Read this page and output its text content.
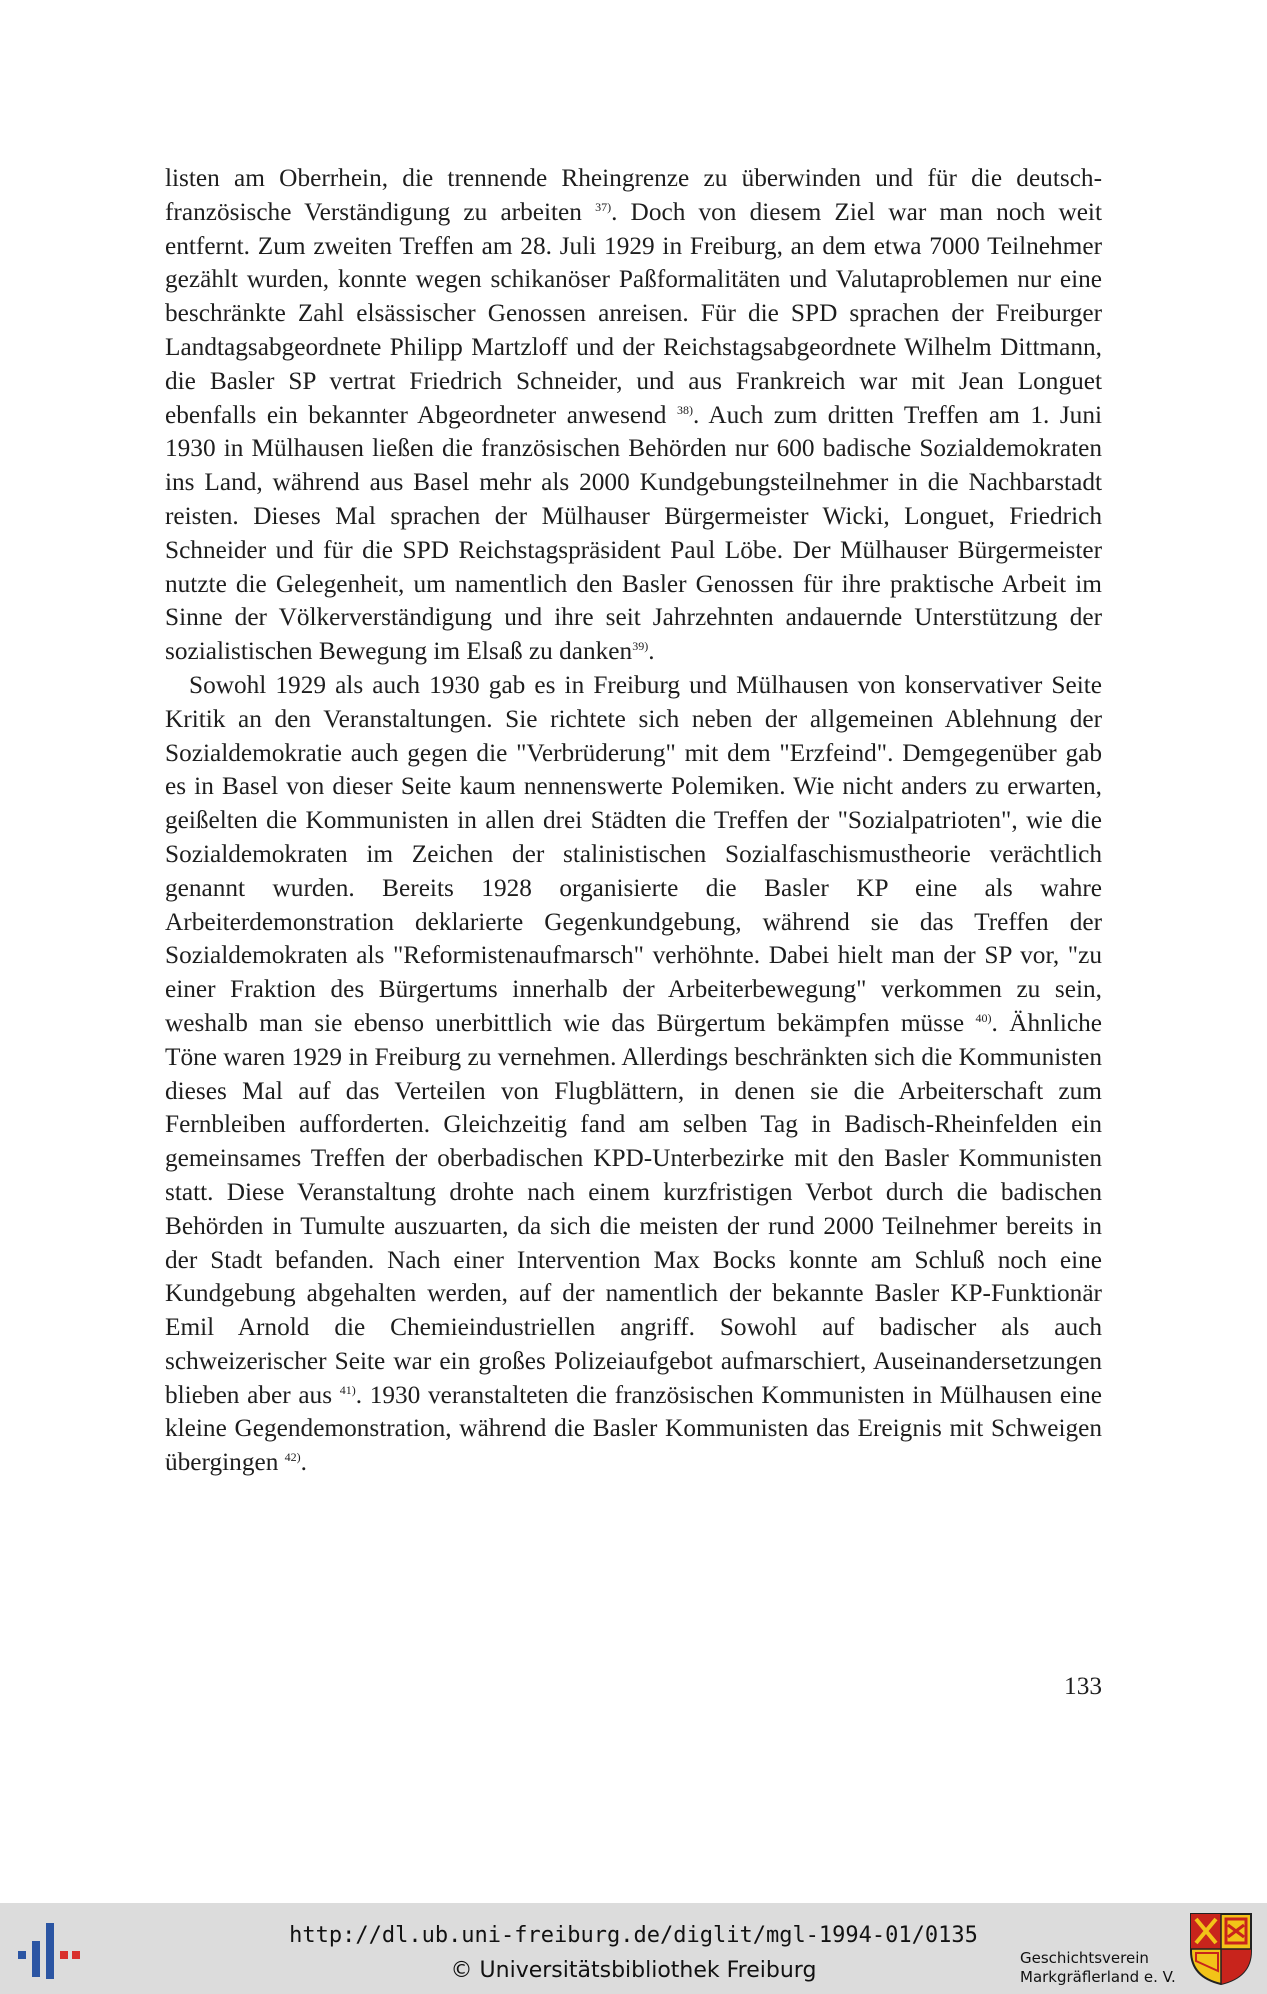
listen am Oberrhein, die trennende Rheingrenze zu überwinden und für die deutsch-französische Verständigung zu arbeiten $^{37)}$. Doch von diesem Ziel war man noch weit entfernt. Zum zweiten Treffen am 28. Juli 1929 in Freiburg, an dem etwa 7000 Teilnehmer gezählt wurden, konnte wegen schikanöser Paßformalitäten und Valutaproblemen nur eine beschränkte Zahl elsässischer Genossen anreisen. Für die SPD sprachen der Freiburger Landtagsabgeordnete Philipp Martzloff und der Reichstagsabgeordnete Wilhelm Dittmann, die Basler SP vertrat Friedrich Schneider, und aus Frankreich war mit Jean Longuet ebenfalls ein bekannter Abgeordneter anwesend $^{38)}$. Auch zum dritten Treffen am 1. Juni 1930 in Mülhausen ließen die französischen Behörden nur 600 badische Sozialdemokraten ins Land, während aus Basel mehr als 2000 Kundgebungsteilnehmer in die Nachbarstadt reisten. Dieses Mal sprachen der Mülhauser Bürgermeister Wicki, Longuet, Friedrich Schneider und für die SPD Reichstagspräsident Paul Löbe. Der Mülhauser Bürgermeister nutzte die Gelegenheit, um namentlich den Basler Genossen für ihre praktische Arbeit im Sinne der Völkerverständigung und ihre seit Jahrzehnten andauernde Unterstützung der sozialistischen Bewegung im Elsaß zu danken$^{39)}$.

Sowohl 1929 als auch 1930 gab es in Freiburg und Mülhausen von konservativer Seite Kritik an den Veranstaltungen. Sie richtete sich neben der allgemeinen Ablehnung der Sozialdemokratie auch gegen die "Verbrüderung" mit dem "Erzfeind". Demgegenüber gab es in Basel von dieser Seite kaum nennenswerte Polemiken. Wie nicht anders zu erwarten, geißelten die Kommunisten in allen drei Städten die Treffen der "Sozialpatrioten", wie die Sozialdemokraten im Zeichen der stalinistischen Sozialfaschismustheorie verächtlich genannt wurden. Bereits 1928 organisierte die Basler KP eine als wahre Arbeiterdemonstration deklarierte Gegenkundgebung, während sie das Treffen der Sozialdemokraten als "Reformistenaufmarsch" verhöhnte. Dabei hielt man der SP vor, "zu einer Fraktion des Bürgertums innerhalb der Arbeiterbewegung" verkommen zu sein, weshalb man sie ebenso unerbittlich wie das Bürgertum bekämpfen müsse $^{40)}$. Ähnliche Töne waren 1929 in Freiburg zu vernehmen. Allerdings beschränkten sich die Kommunisten dieses Mal auf das Verteilen von Flugblättern, in denen sie die Arbeiterschaft zum Fernbleiben aufforderten. Gleichzeitig fand am selben Tag in Badisch-Rheinfelden ein gemeinsames Treffen der oberbadischen KPD-Unterbezirke mit den Basler Kommunisten statt. Diese Veranstaltung drohte nach einem kurzfristigen Verbot durch die badischen Behörden in Tumulte auszuarten, da sich die meisten der rund 2000 Teilnehmer bereits in der Stadt befanden. Nach einer Intervention Max Bocks konnte am Schluß noch eine Kundgebung abgehalten werden, auf der namentlich der bekannte Basler KP-Funktionär Emil Arnold die Chemieindustriellen angriff. Sowohl auf badischer als auch schweizerischer Seite war ein großes Polizeiaufgebot aufmarschiert, Auseinandersetzungen blieben aber aus $^{41)}$. 1930 veranstalteten die französischen Kommunisten in Mülhausen eine kleine Gegendemonstration, während die Basler Kommunisten das Ereignis mit Schweigen übergingen $^{42)}$.

133
http://dl.ub.uni-freiburg.de/diglit/mgl-1994-01/0135
© Universitätsbibliothek Freiburg	Geschichtsverein
Markgräflerland e. V.
